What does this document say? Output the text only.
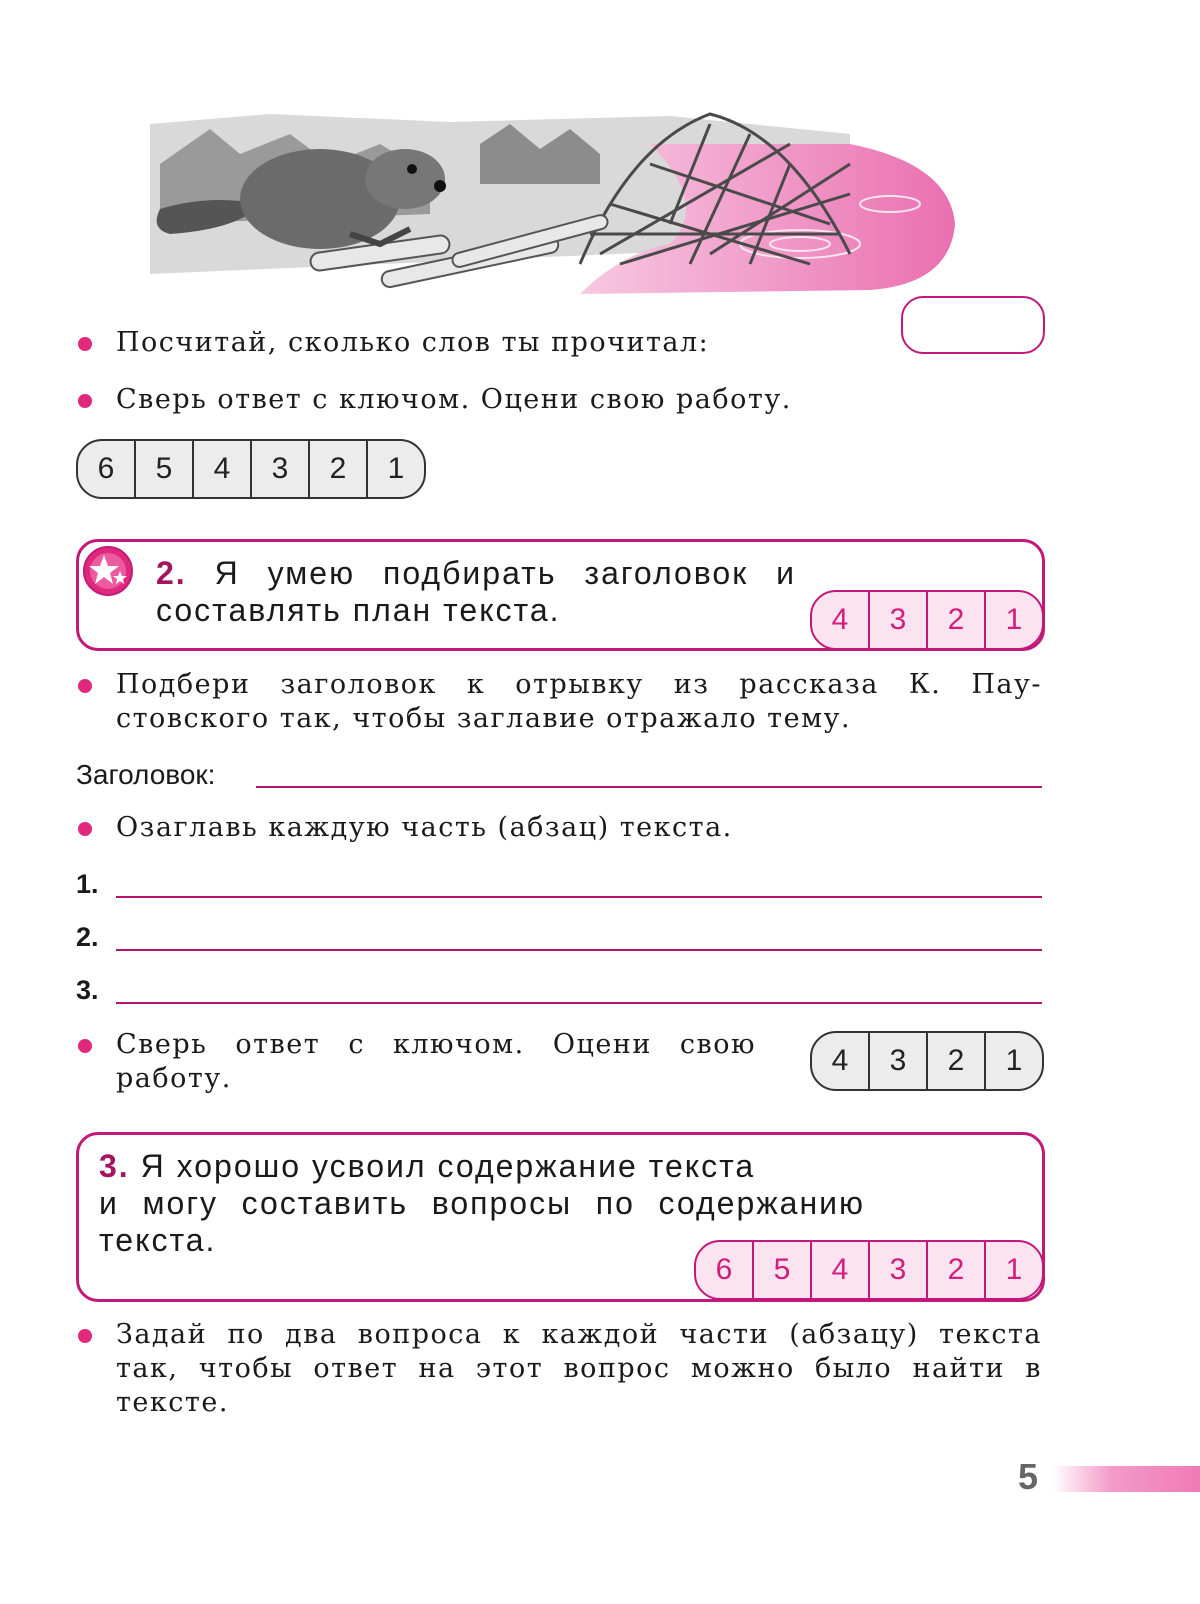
Посчитай, сколько слов ты прочитал:
Сверь ответ с ключом. Оцени свою работу.
6	5	4	3	2	1
2. Я умею подбирать заголовок и
составлять план текста.	4	3	2	1
Подбери заголовок к отрывку из рассказа К. Пау-
стовского так, чтобы заглавие отражало тему.
Заголовок:
Озаглавь каждую часть (абзац) текста.
1.
2.
3.
Сверь ответ с ключом. Оцени свою
работу.
4	3	2	1
3. Я хорошо усвоил содержание текста
и могу составить вопросы по содержанию
текста.
6	5	4	3	2	1
Задай по два вопроса к каждой части (абзацу) текста
так, чтобы ответ на этот вопрос можно было найти в
тексте.
5
